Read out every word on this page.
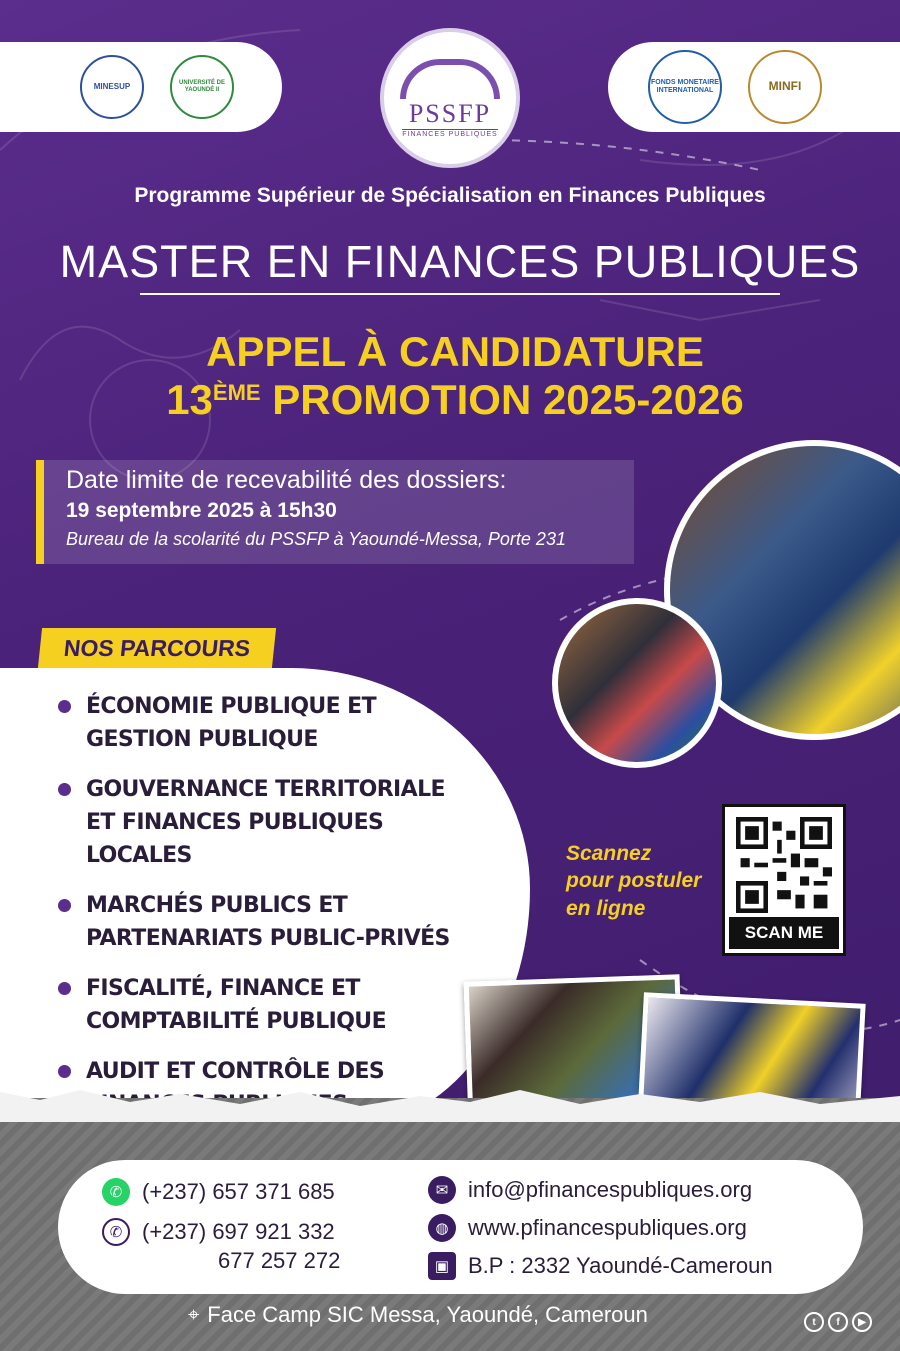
MINESUP	UNIVERSITÉ DE YAOUNDÉ II
PSSFP
FINANCES PUBLIQUES
FONDS MONETAIRE INTERNATIONAL	MINFI
Programme Supérieur de Spécialisation en Finances Publiques
MASTER EN FINANCES PUBLIQUES
APPEL À CANDIDATURE
13ÈME PROMOTION 2025-2026
Date limite de recevabilité des dossiers:
19 septembre 2025 à 15h30
Bureau de la scolarité du PSSFP à Yaoundé-Messa, Porte 231
NOS PARCOURS
ÉCONOMIE PUBLIQUE ET GESTION PUBLIQUE
GOUVERNANCE TERRITORIALE ET FINANCES PUBLIQUES LOCALES
MARCHÉS PUBLICS ET PARTENARIATS PUBLIC-PRIVÉS
FISCALITÉ, FINANCE ET COMPTABILITÉ PUBLIQUE
AUDIT ET CONTRÔLE DES
Scannez
pour postuler
en ligne
SCAN ME
✆ (+237) 657 371 685
✆ (+237) 697 921 332
677 257 272
✉ info@pfinancespubliques.org
◍ www.pfinancespubliques.org
▣ B.P : 2332 Yaoundé-Cameroun
⌖ Face Camp SIC Messa, Yaoundé, Cameroun	t	f	▶
